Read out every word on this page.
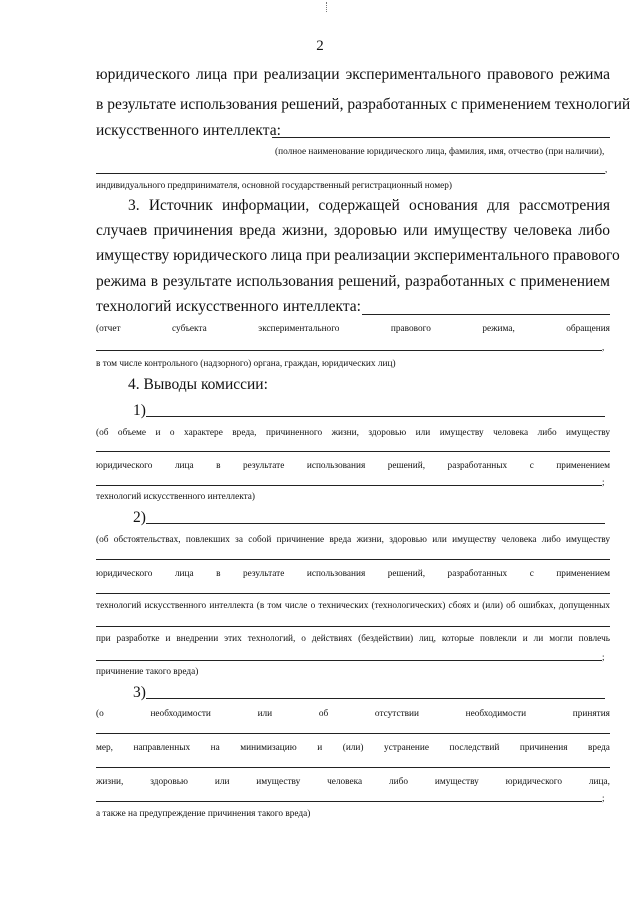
2
юридического лица при реализации экспериментального правового режима
в результате использования решений, разработанных с применением технологий
искусственного интеллекта:
(полное наименование юридического лица, фамилия, имя, отчество (при наличии),
,
индивидуального предпринимателя, основной государственный регистрационный номер)
3. Источник информации, содержащей основания для рассмотрения
случаев причинения вреда жизни, здоровью или имуществу человека либо
имуществу юридического лица при реализации экспериментального правового
режима в результате использования решений, разработанных с применением
технологий искусственного интеллекта:
(отчет	субъекта	экспериментального	правового	режима,	обращения
,
в том числе контрольного (надзорного) органа, граждан, юридических лиц)
4. Выводы комиссии:
1)
(об объеме и о характере вреда, причиненного жизни, здоровью или имуществу человека либо имуществу
юридического лица в результате использования решений, разработанных с применением
;
технологий искусственного интеллекта)
2)
(об обстоятельствах, повлекших за собой причинение вреда жизни, здоровью или имуществу человека либо имуществу
юридического лица в результате использования решений, разработанных с применением
технологий искусственного интеллекта (в том числе о технических (технологических) сбоях и (или) об ошибках, допущенных
при разработке и внедрении этих технологий, о действиях (бездействии) лиц, которые повлекли и ли могли повлечь
;
причинение такого вреда)
3)
(о	необходимости	или	об	отсутствии	необходимости	принятия
мер, направленных на минимизацию и (или) устранение последствий причинения вреда
жизни,	здоровью	или	имуществу	человека	либо	имуществу	юридического	лица,
;
а также на предупреждение причинения такого вреда)
